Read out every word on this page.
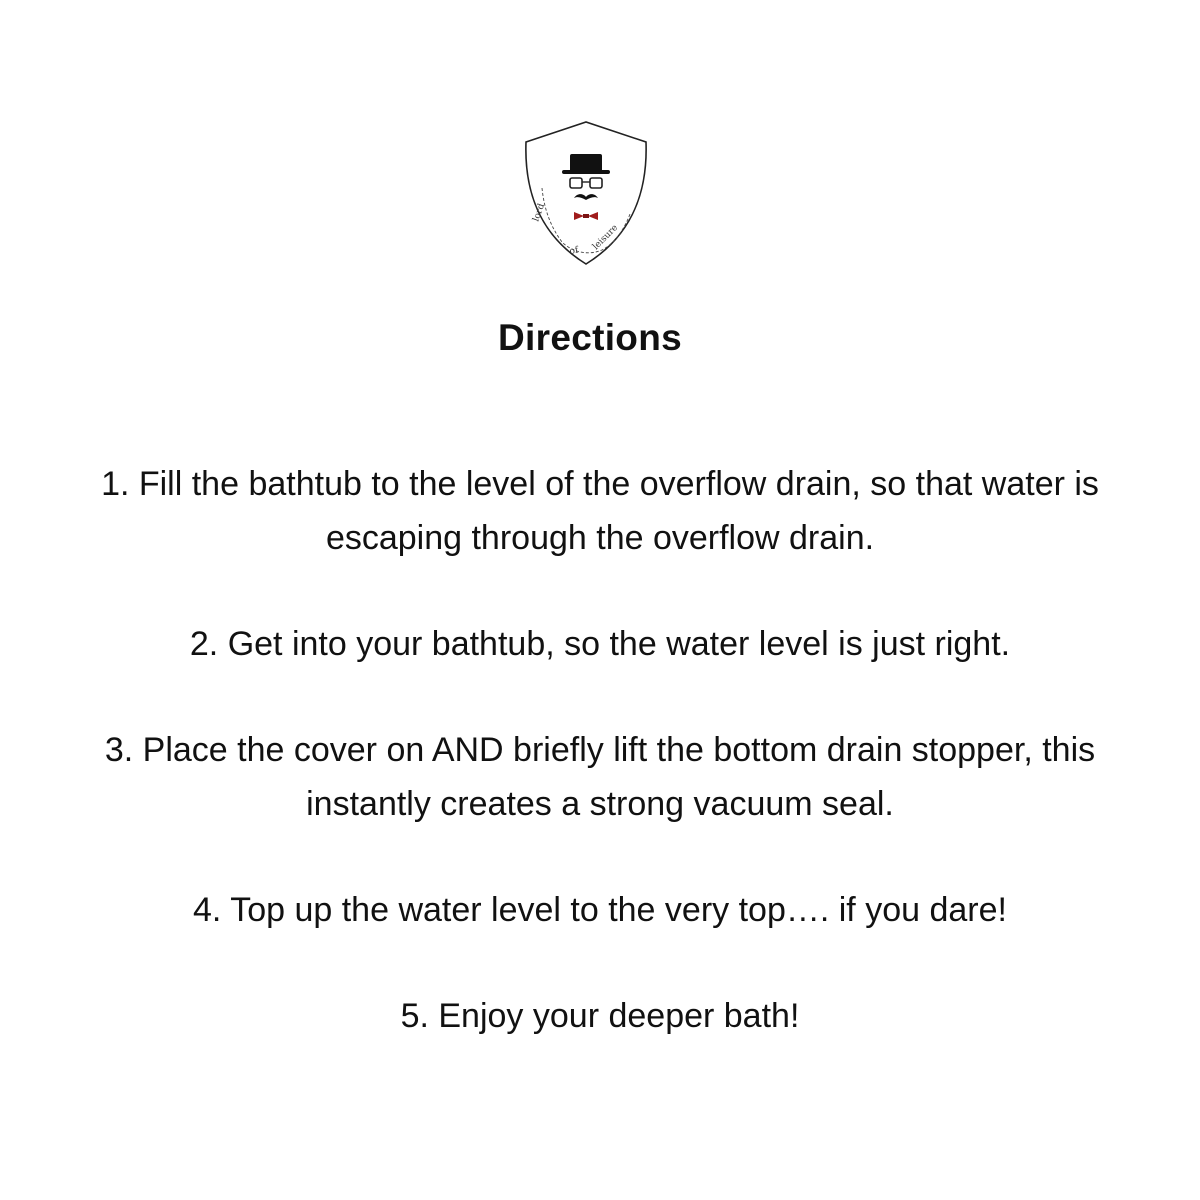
lord
of leisure
Directions
1. Fill the bathtub to the level of the overflow drain, so that water is escaping through the overflow drain.
2. Get into your bathtub, so the water level is just right.
3. Place the cover on AND briefly lift the bottom drain stopper, this instantly creates a strong vacuum seal.
4. Top up the water level to the very top…. if you dare!
5. Enjoy your deeper bath!
